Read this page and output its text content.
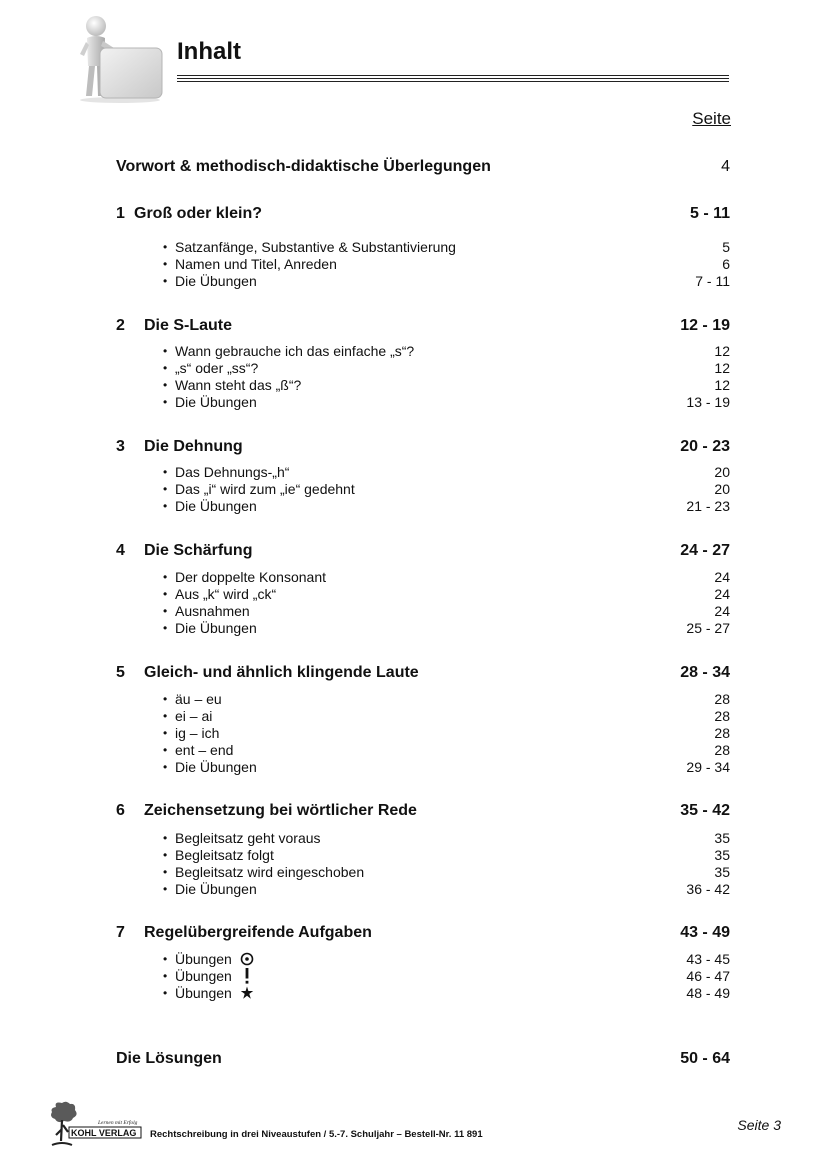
Inhalt
Seite
Vorwort & methodisch-didaktische Überlegungen	4
1 Groß oder klein?	5 - 11
• Satzanfänge, Substantive & Substantivierung	5
• Namen und Titel, Anreden	6
• Die Übungen	7 - 11
2	Die S-Laute	12 - 19
• Wann gebrauche ich das einfache „s“?	12
• „s“ oder „ss“?	12
• Wann steht das „ß“?	12
• Die Übungen	13 - 19
3	Die Dehnung	20 - 23
• Das Dehnungs-„h“	20
• Das „i“ wird zum „ie“ gedehnt	20
• Die Übungen	21 - 23
4	Die Schärfung	24 - 27
• Der doppelte Konsonant	24
• Aus „k“ wird „ck“	24
• Ausnahmen	24
• Die Übungen	25 - 27
5	Gleich- und ähnlich klingende Laute	28 - 34
• äu – eu	28
• ei – ai	28
• ig – ich	28
• ent – end	28
• Die Übungen	29 - 34
6	Zeichensetzung bei wörtlicher Rede	35 - 42
• Begleitsatz geht voraus	35
• Begleitsatz folgt	35
• Begleitsatz wird eingeschoben	35
• Die Übungen	36 - 42
7	Regelübergreifende Aufgaben	43 - 49
• Übungen	43 - 45
• Übungen	46 - 47
• Übungen	48 - 49
Die Lösungen	50 - 64
Lernen mit Erfolg
KOHL VERLAG Rechtschreibung in drei Niveaustufen / 5.-7. Schuljahr – Bestell-Nr. 11 891
Seite 3
